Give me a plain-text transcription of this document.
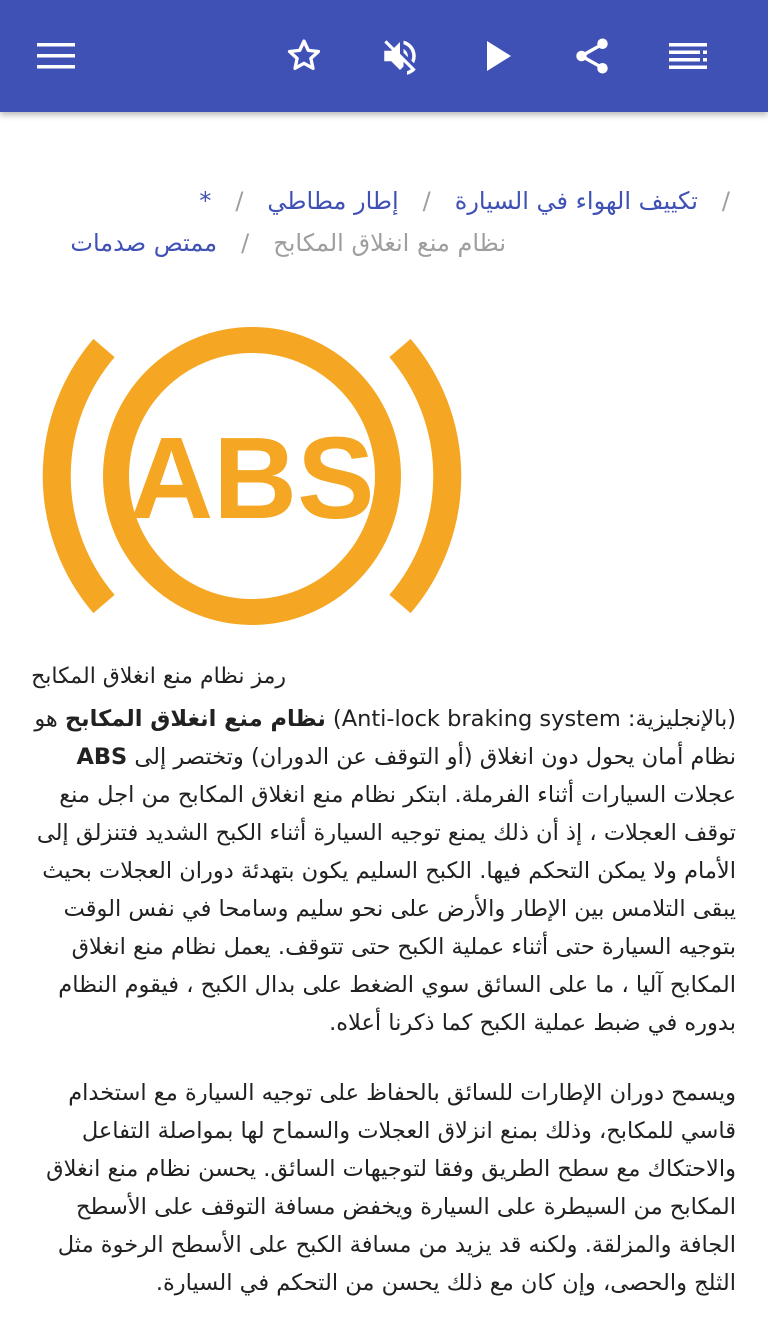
/
تكييف الهواء في السيارة
/
إطار مطاطي
/
*
نظام منع انغلاق المكابح
/
ممتص صدمات
ABS
رمز نظام منع انغلاق المكابح

(بالإنجليزية: Anti-lock braking system) نظام منع انغلاق المكابح هو نظام أمان يحول دون انغلاق (أو التوقف عن الدوران) وتختصر إلى ABS عجلات السيارات أثناء الفرملة. ابتكر نظام منع انغلاق المكابح من اجل منع توقف العجلات ، إذ أن ذلك يمنع توجيه السيارة أثناء الكبح الشديد فتنزلق إلى الأمام ولا يمكن التحكم فيها. الكبح السليم يكون بتهدئة دوران العجلات بحيث يبقى التلامس بين الإطار والأرض على نحو سليم وسامحا في نفس الوقت بتوجيه السيارة حتى أثناء عملية الكبح حتى تتوقف. يعمل نظام منع انغلاق المكابح آليا ، ما على السائق سوي الضغط على بدال الكبح ، فيقوم النظام بدوره في ضبط عملية الكبح كما ذكرنا أعلاه.

ويسمح دوران الإطارات للسائق بالحفاظ على توجيه السيارة مع استخدام قاسي للمكابح، وذلك بمنع انزلاق العجلات والسماح لها بمواصلة التفاعل والاحتكاك مع سطح الطريق وفقا لتوجيهات السائق. يحسن نظام منع انغلاق المكابح من السيطرة على السيارة ويخفض مسافة التوقف على الأسطح الجافة والمزلقة. ولكنه قد يزيد من مسافة الكبح على الأسطح الرخوة مثل الثلج والحصى، وإن كان مع ذلك يحسن من التحكم في السيارة.
